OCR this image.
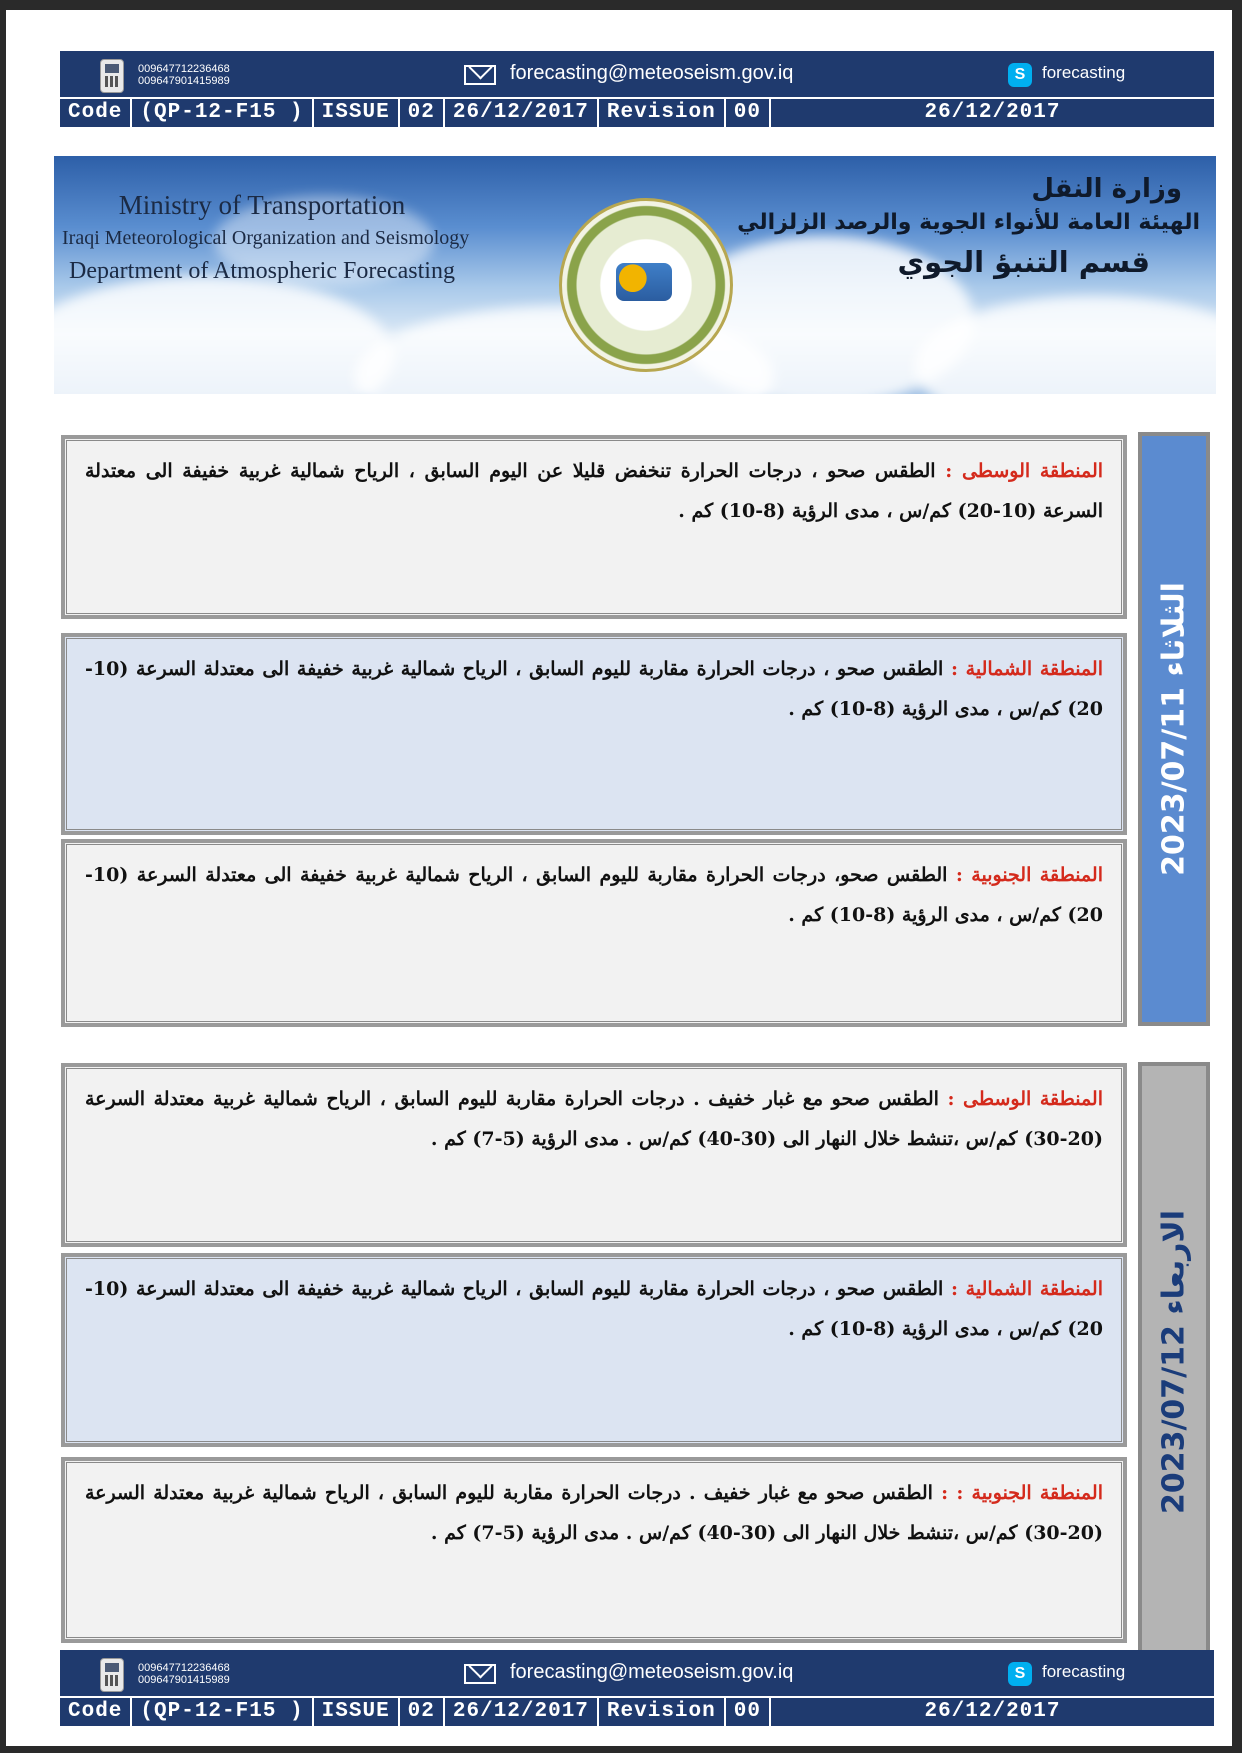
009647712236468
009647901415989	forecasting@meteoseism.gov.iq	S forecasting
Code (QP-12-F15 ) ISSUE 02 26/12/2017 Revision 00	26/12/2017
Ministry of Transportation
Iraqi Meteorological Organization and Seismology
Department of Atmospheric Forecasting
وزارة النقل
الهيئة العامة للأنواء الجوية والرصد الزلزالي
قسم التنبؤ الجوي
المنطقة الوسطى : الطقس صحو ، درجات الحرارة تنخفض قليلا عن اليوم السابق ، الرياح شمالية غربية خفيفة الى معتدلة السرعة (10-20) كم/س ، مدى الرؤية (8-10) كم .
المنطقة الشمالية : الطقس صحو ، درجات الحرارة مقاربة لليوم السابق ، الرياح شمالية غربية خفيفة الى معتدلة السرعة (10-20) كم/س ، مدى الرؤية (8-10) كم .
المنطقة الجنوبية : الطقس صحو، درجات الحرارة مقاربة لليوم السابق ، الرياح شمالية غربية خفيفة الى معتدلة السرعة (10-20) كم/س ، مدى الرؤية (8-10) كم .
الثلاثاء 2023/07/11
المنطقة الوسطى : الطقس صحو مع غبار خفيف . درجات الحرارة مقاربة لليوم السابق ، الرياح شمالية غربية معتدلة السرعة (20-30) كم/س ،تنشط خلال النهار الى (30-40) كم/س . مدى الرؤية (5-7) كم .
المنطقة الشمالية : الطقس صحو ، درجات الحرارة مقاربة لليوم السابق ، الرياح شمالية غربية خفيفة الى معتدلة السرعة (10-20) كم/س ، مدى الرؤية (8-10) كم .
المنطقة الجنوبية : : الطقس صحو مع غبار خفيف . درجات الحرارة مقاربة لليوم السابق ، الرياح شمالية غربية معتدلة السرعة (20-30) كم/س ،تنشط خلال النهار الى (30-40) كم/س . مدى الرؤية (5-7) كم .
الاربعاء 2023/07/12
009647712236468
009647901415989	forecasting@meteoseism.gov.iq	S forecasting
Code (QP-12-F15 ) ISSUE 02 26/12/2017 Revision 00	26/12/2017
